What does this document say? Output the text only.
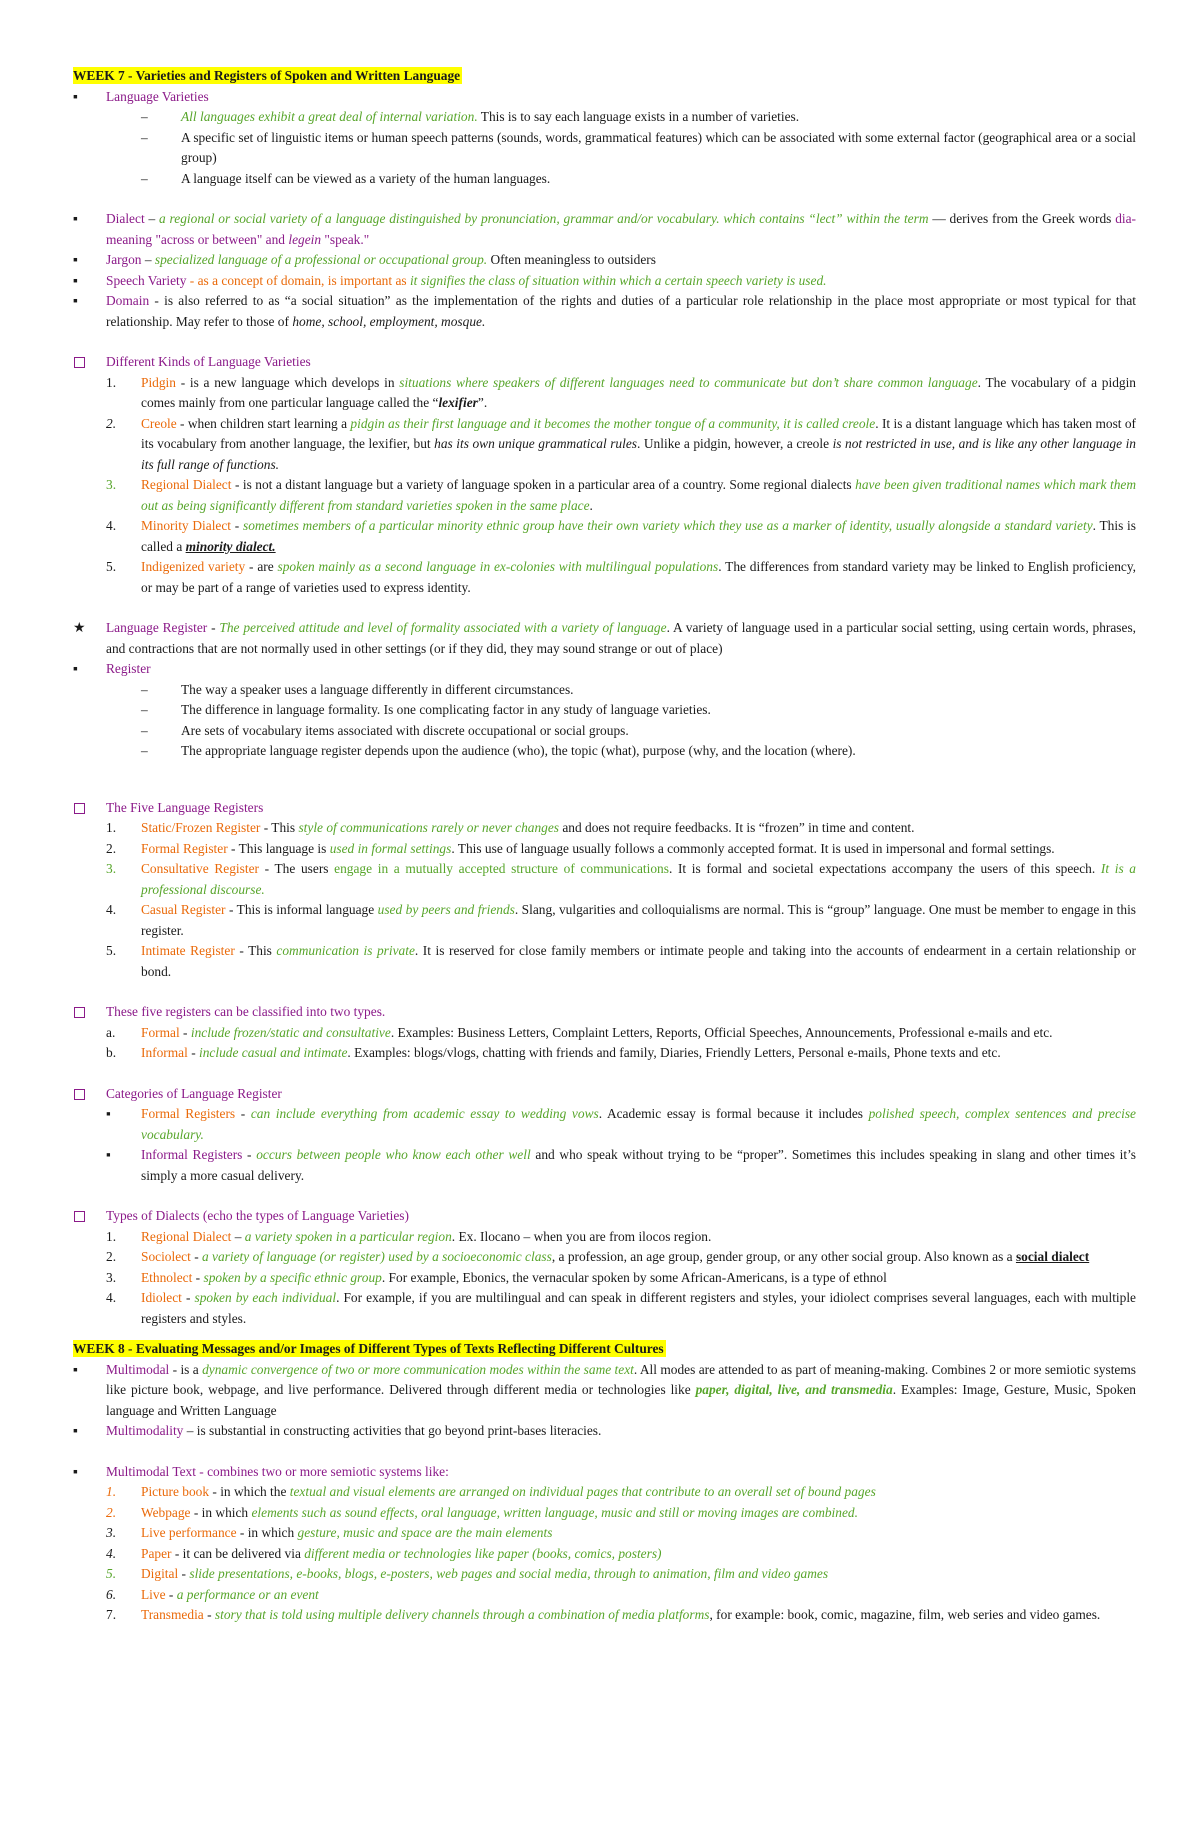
WEEK 7 - Varieties and Registers of Spoken and Written Language
▪ Language Varieties
– All languages exhibit a great deal of internal variation. This is to say each language exists in a number of varieties.
– A specific set of linguistic items or human speech patterns (sounds, words, grammatical features) which can be associated with some external factor (geographical area or a social group)
– A language itself can be viewed as a variety of the human languages.
▪ Dialect – a regional or social variety of a language distinguished by pronunciation, grammar and/or vocabulary. which contains “lect” within the term — derives from the Greek words dia- meaning "across or between" and legein "speak."
▪ Jargon – specialized language of a professional or occupational group. Often meaningless to outsiders
▪ Speech Variety - as a concept of domain, is important as it signifies the class of situation within which a certain speech variety is used.
▪ Domain - is also referred to as “a social situation” as the implementation of the rights and duties of a particular role relationship in the place most appropriate or most typical for that relationship. May refer to those of home, school, employment, mosque.
Different Kinds of Language Varieties
1. Pidgin - is a new language which develops in situations where speakers of different languages need to communicate but don’t share common language. The vocabulary of a pidgin comes mainly from one particular language called the “lexifier”.
2. Creole - when children start learning a pidgin as their first language and it becomes the mother tongue of a community, it is called creole. It is a distant language which has taken most of its vocabulary from another language, the lexifier, but has its own unique grammatical rules. Unlike a pidgin, however, a creole is not restricted in use, and is like any other language in its full range of functions.
3. Regional Dialect - is not a distant language but a variety of language spoken in a particular area of a country. Some regional dialects have been given traditional names which mark them out as being significantly different from standard varieties spoken in the same place.
4. Minority Dialect - sometimes members of a particular minority ethnic group have their own variety which they use as a marker of identity, usually alongside a standard variety. This is called a minority dialect.
5. Indigenized variety - are spoken mainly as a second language in ex-colonies with multilingual populations. The differences from standard variety may be linked to English proficiency, or may be part of a range of varieties used to express identity.
★ Language Register - The perceived attitude and level of formality associated with a variety of language. A variety of language used in a particular social setting, using certain words, phrases, and contractions that are not normally used in other settings (or if they did, they may sound strange or out of place)
▪ Register
– The way a speaker uses a language differently in different circumstances.
– The difference in language formality. Is one complicating factor in any study of language varieties.
– Are sets of vocabulary items associated with discrete occupational or social groups.
– The appropriate language register depends upon the audience (who), the topic (what), purpose (why, and the location (where).
The Five Language Registers
1. Static/Frozen Register - This style of communications rarely or never changes and does not require feedbacks. It is “frozen” in time and content.
2. Formal Register - This language is used in formal settings. This use of language usually follows a commonly accepted format. It is used in impersonal and formal settings.
3. Consultative Register - The users engage in a mutually accepted structure of communications. It is formal and societal expectations accompany the users of this speech. It is a professional discourse.
4. Casual Register - This is informal language used by peers and friends. Slang, vulgarities and colloquialisms are normal. This is “group” language. One must be member to engage in this register.
5. Intimate Register - This communication is private. It is reserved for close family members or intimate people and taking into the accounts of endearment in a certain relationship or bond.
These five registers can be classified into two types.
a. Formal - include frozen/static and consultative. Examples: Business Letters, Complaint Letters, Reports, Official Speeches, Announcements, Professional e-mails and etc.
b. Informal - include casual and intimate. Examples: blogs/vlogs, chatting with friends and family, Diaries, Friendly Letters, Personal e-mails, Phone texts and etc.
Categories of Language Register
▪ Formal Registers - can include everything from academic essay to wedding vows. Academic essay is formal because it includes polished speech, complex sentences and precise vocabulary.
▪ Informal Registers - occurs between people who know each other well and who speak without trying to be “proper”. Sometimes this includes speaking in slang and other times it’s simply a more casual delivery.
Types of Dialects (echo the types of Language Varieties)
1. Regional Dialect – a variety spoken in a particular region. Ex. Ilocano – when you are from ilocos region.
2. Sociolect - a variety of language (or register) used by a socioeconomic class, a profession, an age group, gender group, or any other social group. Also known as a social dialect
3. Ethnolect - spoken by a specific ethnic group. For example, Ebonics, the vernacular spoken by some African-Americans, is a type of ethnol
4. Idiolect - spoken by each individual. For example, if you are multilingual and can speak in different registers and styles, your idiolect comprises several languages, each with multiple registers and styles.
WEEK 8 - Evaluating Messages and/or Images of Different Types of Texts Reflecting Different Cultures
▪ Multimodal - is a dynamic convergence of two or more communication modes within the same text. All modes are attended to as part of meaning-making. Combines 2 or more semiotic systems like picture book, webpage, and live performance. Delivered through different media or technologies like paper, digital, live, and transmedia. Examples: Image, Gesture, Music, Spoken language and Written Language
▪ Multimodality – is substantial in constructing activities that go beyond print-bases literacies.
▪ Multimodal Text - combines two or more semiotic systems like:
1. Picture book - in which the textual and visual elements are arranged on individual pages that contribute to an overall set of bound pages
2. Webpage - in which elements such as sound effects, oral language, written language, music and still or moving images are combined.
3. Live performance - in which gesture, music and space are the main elements
4. Paper - it can be delivered via different media or technologies like paper (books, comics, posters)
5. Digital - slide presentations, e-books, blogs, e-posters, web pages and social media, through to animation, film and video games
6. Live - a performance or an event
7. Transmedia - story that is told using multiple delivery channels through a combination of media platforms, for example: book, comic, magazine, film, web series and video games.
